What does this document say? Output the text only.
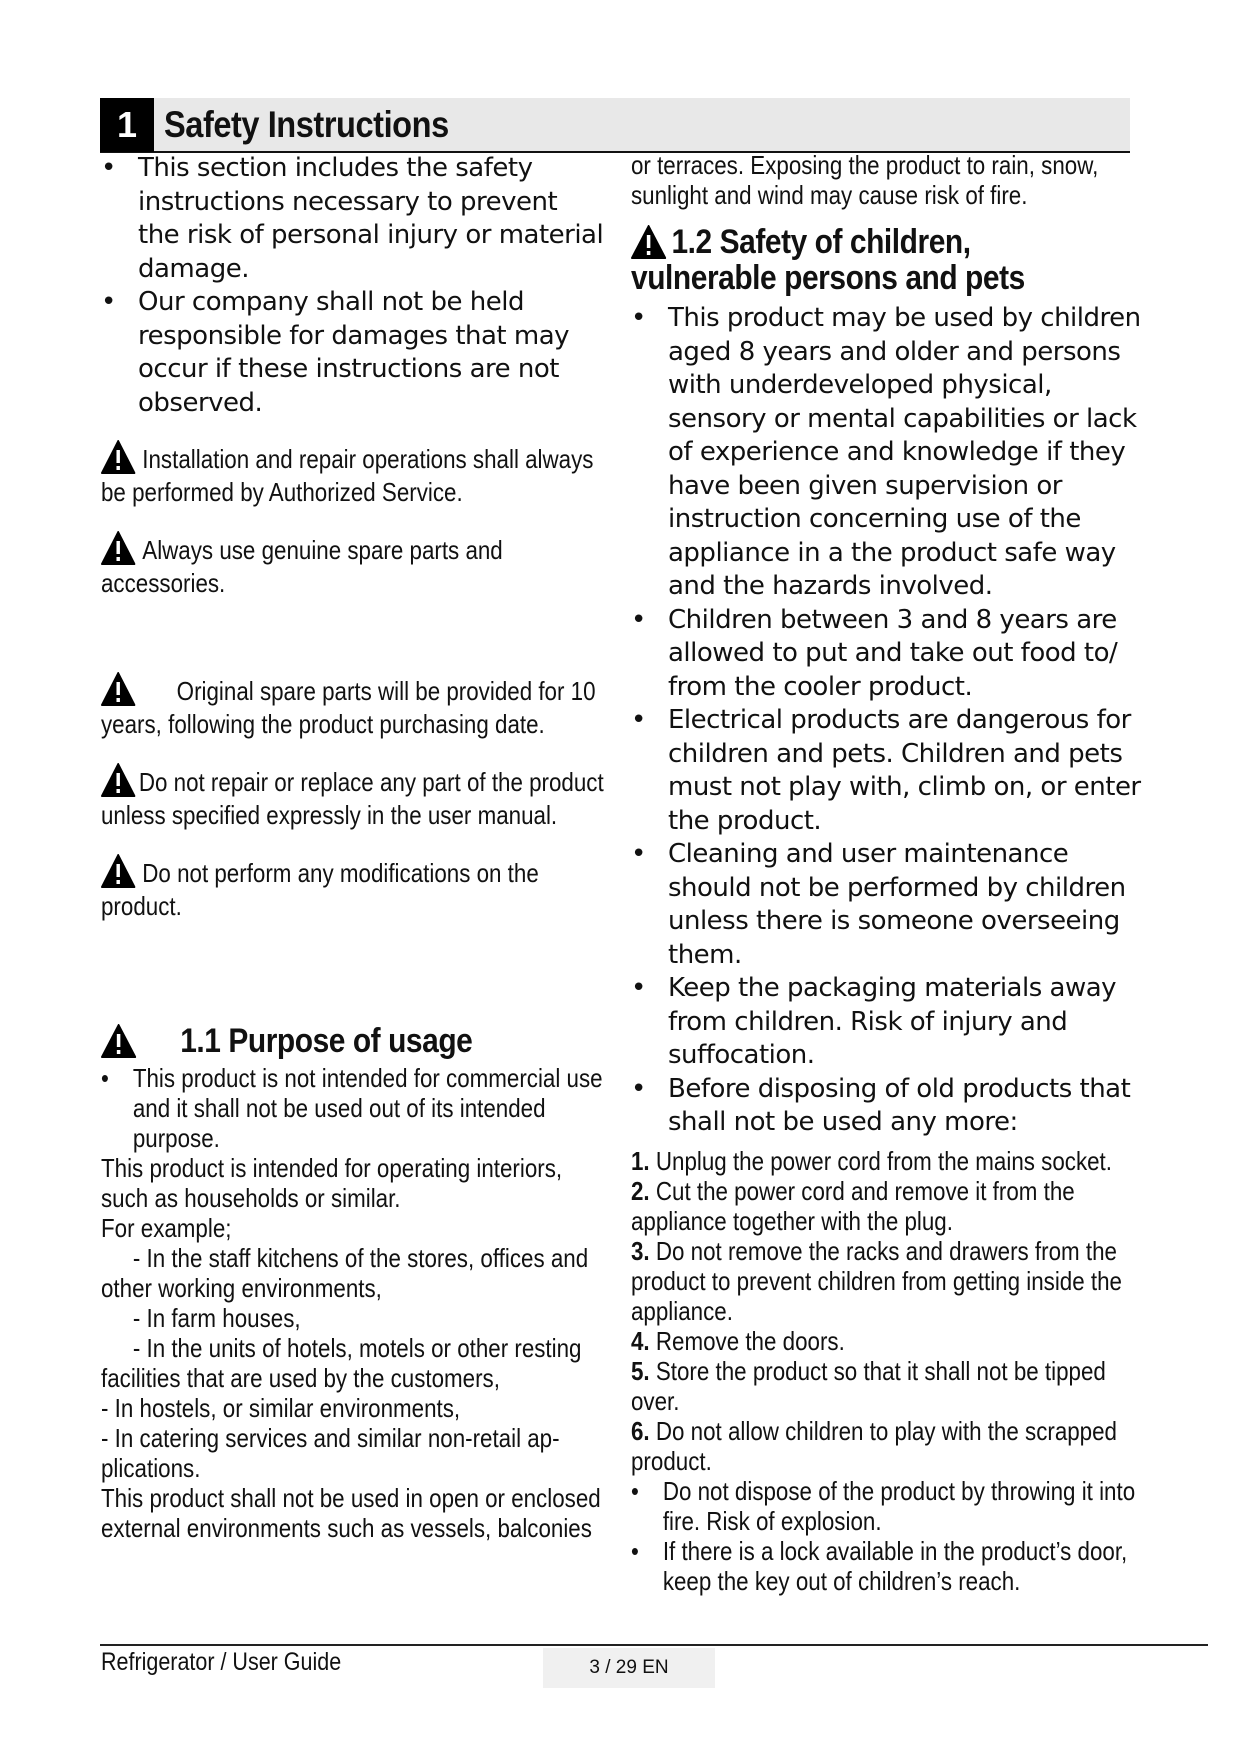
1 Safety Instructions
• This section includes the safety instructions necessary to prevent the risk of personal injury or material damage.
• Our company shall not be held responsible for damages that may occur if these instructions are not observed.
Installation and repair operations shall always be performed by Authorized Service.
Always use genuine spare parts and accessories.
Original spare parts will be provided for 10 years, following the product purchasing date.
Do not repair or replace any part of the product unless specified expressly in the user manual.
Do not perform any modifications on the product.
1.1 Purpose of usage
• This product is not intended for commercial use and it shall not be used out of its intended purpose.
This product is intended for operating interiors, such as households or similar.
For example;
- In the staff kitchens of the stores, offices and other working environments,
- In farm houses,
- In the units of hotels, motels or other resting facilities that are used by the customers,
- In hostels, or similar environments,
- In catering services and similar non-retail ap-plications.
This product shall not be used in open or enclosed external environments such as vessels, balconies
or terraces. Exposing the product to rain, snow, sunlight and wind may cause risk of fire.
1.2 Safety of children,
vulnerable persons and pets
• This product may be used by children aged 8 years and older and persons with underdeveloped physical, sensory or mental capabilities or lack of experience and knowledge if they have been given supervision or instruction concerning use of the appliance in a the product safe way and the hazards involved.
• Children between 3 and 8 years are allowed to put and take out food to/ from the cooler product.
• Electrical products are dangerous for children and pets. Children and pets must not play with, climb on, or enter the product.
• Cleaning and user maintenance should not be performed by children unless there is someone overseeing them.
• Keep the packaging materials away from children. Risk of injury and suffocation.
• Before disposing of old products that shall not be used any more:
1. Unplug the power cord from the mains socket.
2. Cut the power cord and remove it from the appliance together with the plug.
3. Do not remove the racks and drawers from the product to prevent children from getting inside the appliance.
4. Remove the doors.
5. Store the product so that it shall not be tipped over.
6. Do not allow children to play with the scrapped product.
• Do not dispose of the product by throwing it into fire. Risk of explosion.
• If there is a lock available in the product’s door, keep the key out of children’s reach.
Refrigerator / User Guide	3 / 29 EN
